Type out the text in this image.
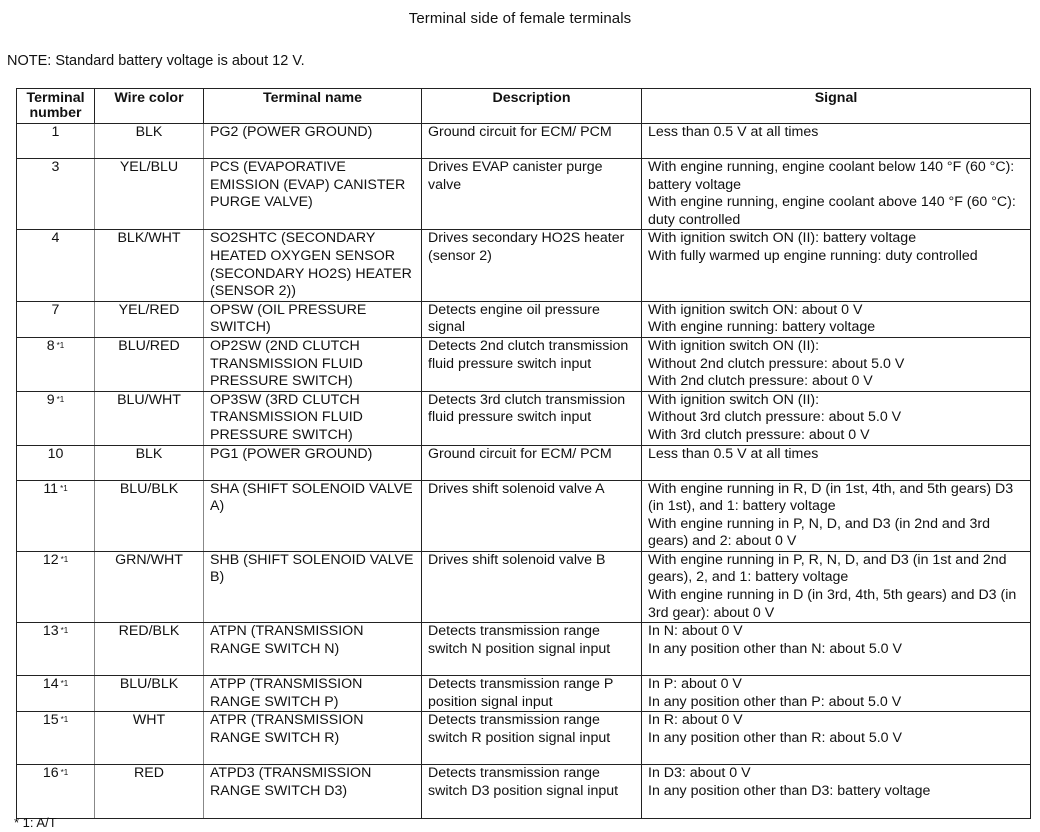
Terminal side of female terminals
NOTE: Standard battery voltage is about 12 V.
Terminal number	Wire color	Terminal name	Description	Signal
1	BLK	PG2 (POWER GROUND)	Ground circuit for ECM/ PCM	Less than 0.5 V at all times

3	YEL/BLU	PCS (EVAPORATIVE EMISSION (EVAP) CANISTER PURGE VALVE)	Drives EVAP canister purge valve	With engine running, engine coolant below 140 °F (60 °C): battery voltage
With engine running, engine coolant above 140 °F (60 °C): duty controlled

4	BLK/WHT	SO2SHTC (SECONDARY HEATED OXYGEN SENSOR (SECONDARY HO2S) HEATER (SENSOR 2))	Drives secondary HO2S heater (sensor 2)	With ignition switch ON (II): battery voltage
With fully warmed up engine running: duty controlled

7	YEL/RED	OPSW (OIL PRESSURE SWITCH)	Detects engine oil pressure signal	With ignition switch ON: about 0 V
With engine running: battery voltage

8 $^{*1}$	BLU/RED	OP2SW (2ND CLUTCH TRANSMISSION FLUID PRESSURE SWITCH)	Detects 2nd clutch transmission fluid pressure switch input	With ignition switch ON (II):
Without 2nd clutch pressure: about 5.0 V
With 2nd clutch pressure: about 0 V

9 $^{*1}$	BLU/WHT	OP3SW (3RD CLUTCH TRANSMISSION FLUID PRESSURE SWITCH)	Detects 3rd clutch transmission fluid pressure switch input	With ignition switch ON (II):
Without 3rd clutch pressure: about 5.0 V
With 3rd clutch pressure: about 0 V

10	BLK	PG1 (POWER GROUND)	Ground circuit for ECM/ PCM	Less than 0.5 V at all times

11 $^{*1}$	BLU/BLK	SHA (SHIFT SOLENOID VALVE A)	Drives shift solenoid valve A	With engine running in R, D (in 1st, 4th, and 5th gears) D3 (in 1st), and 1: battery voltage
With engine running in P, N, D, and D3 (in 2nd and 3rd gears) and 2: about 0 V

12 $^{*1}$	GRN/WHT	SHB (SHIFT SOLENOID VALVE B)	Drives shift solenoid valve B	With engine running in P, R, N, D, and D3 (in 1st and 2nd gears), 2, and 1: battery voltage
With engine running in D (in 3rd, 4th, 5th gears) and D3 (in 3rd gear): about 0 V

13 $^{*1}$	RED/BLK	ATPN (TRANSMISSION RANGE SWITCH N)	Detects transmission range switch N position signal input	In N: about 0 V
In any position other than N: about 5.0 V

14 $^{*1}$	BLU/BLK	ATPP (TRANSMISSION RANGE SWITCH P)	Detects transmission range P position signal input	In P: about 0 V
In any position other than P: about 5.0 V

15 $^{*1}$	WHT	ATPR (TRANSMISSION RANGE SWITCH R)	Detects transmission range switch R position signal input	In R: about 0 V
In any position other than R: about 5.0 V

16 $^{*1}$	RED	ATPD3 (TRANSMISSION RANGE SWITCH D3)	Detects transmission range switch D3 position signal input	In D3: about 0 V
In any position other than D3: battery voltage
* 1: A/T
